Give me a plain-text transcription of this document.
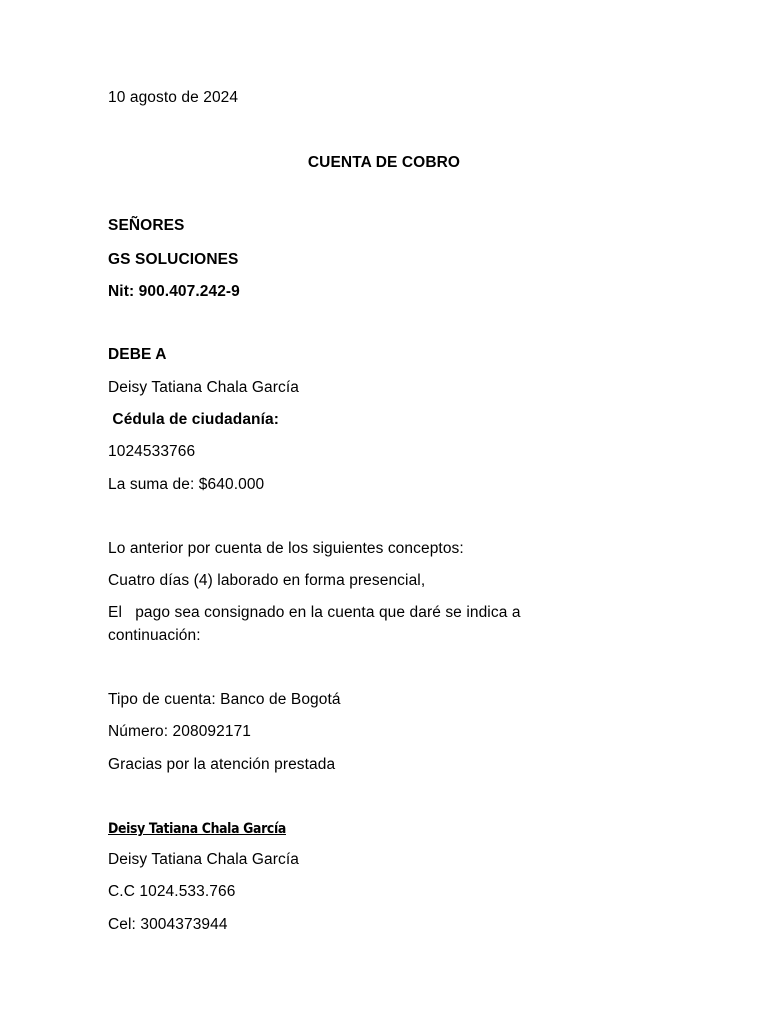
10 agosto de 2024
CUENTA DE COBRO
SEÑORES
GS SOLUCIONES
Nit: 900.407.242-9
DEBE A
Deisy Tatiana Chala García
Cédula de ciudadanía:
1024533766
La suma de: $640.000
Lo anterior por cuenta de los siguientes conceptos:
Cuatro días (4) laborado en forma presencial,
El   pago sea consignado en la cuenta que daré se indica a continuación:
Tipo de cuenta: Banco de Bogotá
Número: 208092171
Gracias por la atención prestada
Deisy Tatiana Chala García
Deisy Tatiana Chala García
C.C 1024.533.766
Cel: 3004373944
